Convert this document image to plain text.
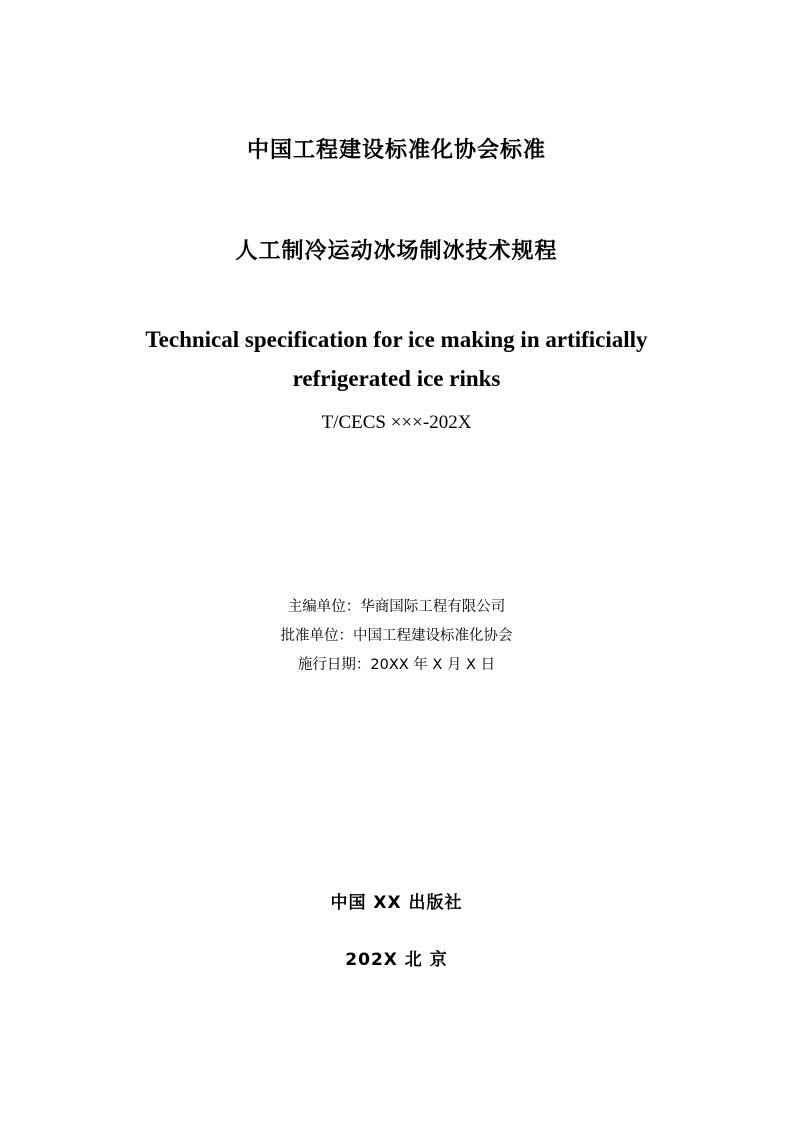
中国工程建设标准化协会标准
人工制冷运动冰场制冰技术规程
Technical specification for ice making in artificially
refrigerated ice rinks
T/CECS ×××-202X
主编单位：华商国际工程有限公司
批准单位：中国工程建设标准化协会
施行日期：20XX 年 X 月 X 日
中国 XX 出版社
202X 北 京
